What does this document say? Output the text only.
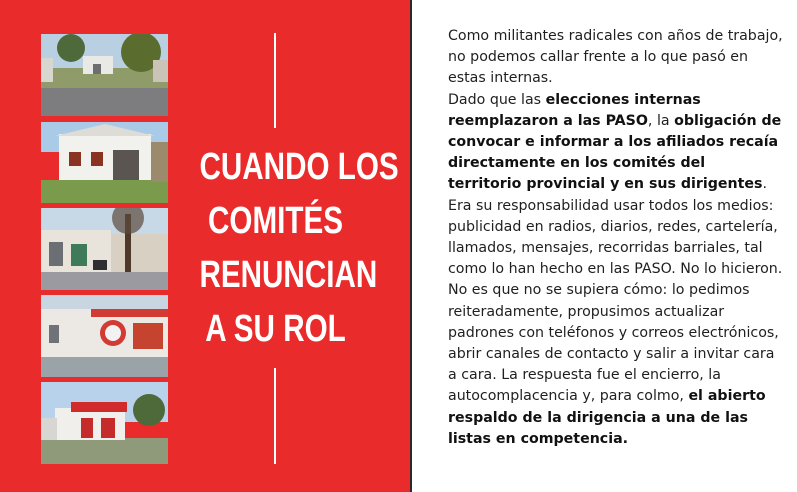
CUANDO LOS
COMITÉS
RENUNCIAN
A SU ROL

Como militantes radicales con años de trabajo, no podemos callar frente a lo que pasó en estas internas.

Dado que las elecciones internas reemplazaron a las PASO, la obligación de convocar e informar a los afiliados recaía directamente en los comités del territorio provincial y en sus dirigentes. Era su responsabilidad usar todos los medios: publicidad en radios, diarios, redes, cartelería, llamados, mensajes, recorridas barriales, tal como lo han hecho en las PASO. No lo hicieron. No es que no se supiera cómo: lo pedimos reiteradamente, propusimos actualizar padrones con teléfonos y correos electrónicos, abrir canales de contacto y salir a invitar cara a cara. La respuesta fue el encierro, la autocomplacencia y, para colmo, el abierto respaldo de la dirigencia a una de las listas en competencia.
